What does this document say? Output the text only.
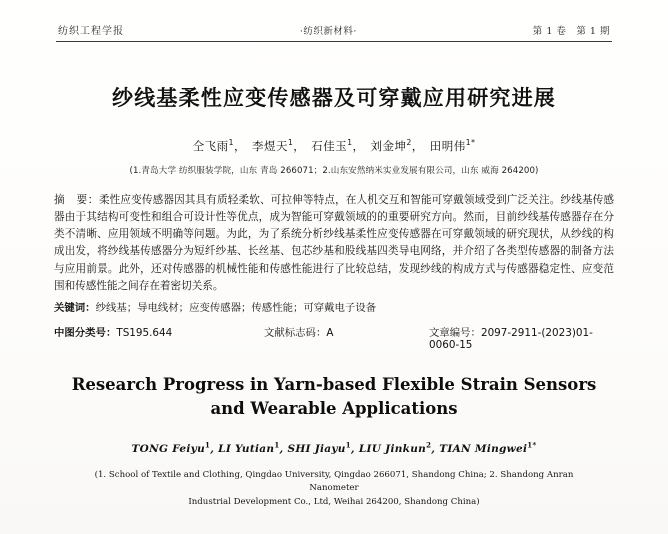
纺织工程学报	·纺织新材料·	第 1 卷 第 1 期
纱线基柔性应变传感器及可穿戴应用研究进展
仝飞雨$^1$， 李煜天$^1$， 石佳玉$^1$， 刘金坤$^2$， 田明伟$^{1*}$
(1.青岛大学 纺织服装学院，山东 青岛 266071；2.山东安然纳米实业发展有限公司，山东 威海 264200)
摘　要：柔性应变传感器因其具有质轻柔软、可拉伸等特点，在人机交互和智能可穿戴领域受到广泛关注。纱线基传感器由于其结构可变性和组合可设计性等优点，成为智能可穿戴领域的的重要研究方向。然而，目前纱线基传感器存在分类不清晰、应用领域不明确等问题。为此，为了系统分析纱线基柔性应变传感器在可穿戴领域的研究现状，从纱线的构成出发，将纱线基传感器分为短纤纱基、长丝基、包芯纱基和股线基四类导电网络，并介绍了各类型传感器的制备方法与应用前景。此外，还对传感器的机械性能和传感性能进行了比较总结，发现纱线的构成方式与传感器稳定性、应变范围和传感性能之间存在着密切关系。
关键词：纱线基；导电线材；应变传感器；传感性能；可穿戴电子设备
中图分类号：TS195.644	文献标志码：A	文章编号：2097-2911-(2023)01-0060-15
Research Progress in Yarn-based Flexible Strain Sensors
and Wearable Applications
TONG Feiyu$^1$, LI Yutian$^1$, SHI Jiayu$^1$, LIU Jinkun$^2$, TIAN Mingwei$^{1*}$
(1. School of Textile and Clothing, Qingdao University, Qingdao 266071, Shandong China; 2. Shandong Anran Nanometer
Industrial Development Co., Ltd, Weihai 264200, Shandong China)
